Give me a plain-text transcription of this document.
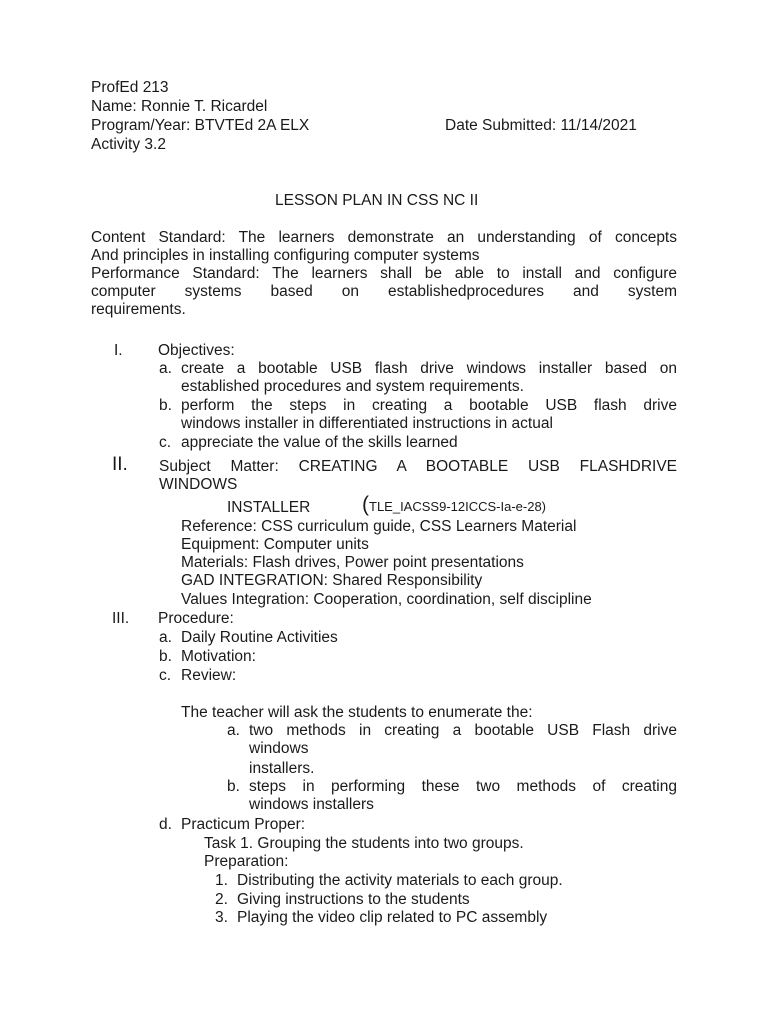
ProfEd 213
Name: Ronnie T. Ricardel
Program/Year: BTVTEd 2A ELX	Date Submitted: 11/14/2021
Activity 3.2
LESSON PLAN IN CSS NC II
Content Standard: The learners demonstrate an understanding of concepts
And principles in installing configuring computer systems
Performance Standard: The learners shall be able to install and configure
computer systems based on establishedprocedures and system
requirements.
I. Objectives:
a. create a bootable USB flash drive windows installer based on
established procedures and system requirements.
b. perform the steps in creating a bootable USB flash drive
windows installer in differentiated instructions in actual
c. appreciate the value of the skills learned
II. Subject Matter: CREATING A BOOTABLE USB FLASHDRIVE
WINDOWS
INSTALLER (TLE_IACSS9-12ICCS-Ia-e-28)
Reference: CSS curriculum guide, CSS Learners Material
Equipment: Computer units
Materials: Flash drives, Power point presentations
GAD INTEGRATION: Shared Responsibility
Values Integration: Cooperation, coordination, self discipline
III. Procedure:
a. Daily Routine Activities
b. Motivation:
c. Review:
The teacher will ask the students to enumerate the:
a. two methods in creating a bootable USB Flash drive
windows
installers.
b. steps in performing these two methods of creating
windows installers
d. Practicum Proper:
Task 1. Grouping the students into two groups.
Preparation:
1. Distributing the activity materials to each group.
2. Giving instructions to the students
3. Playing the video clip related to PC assembly
